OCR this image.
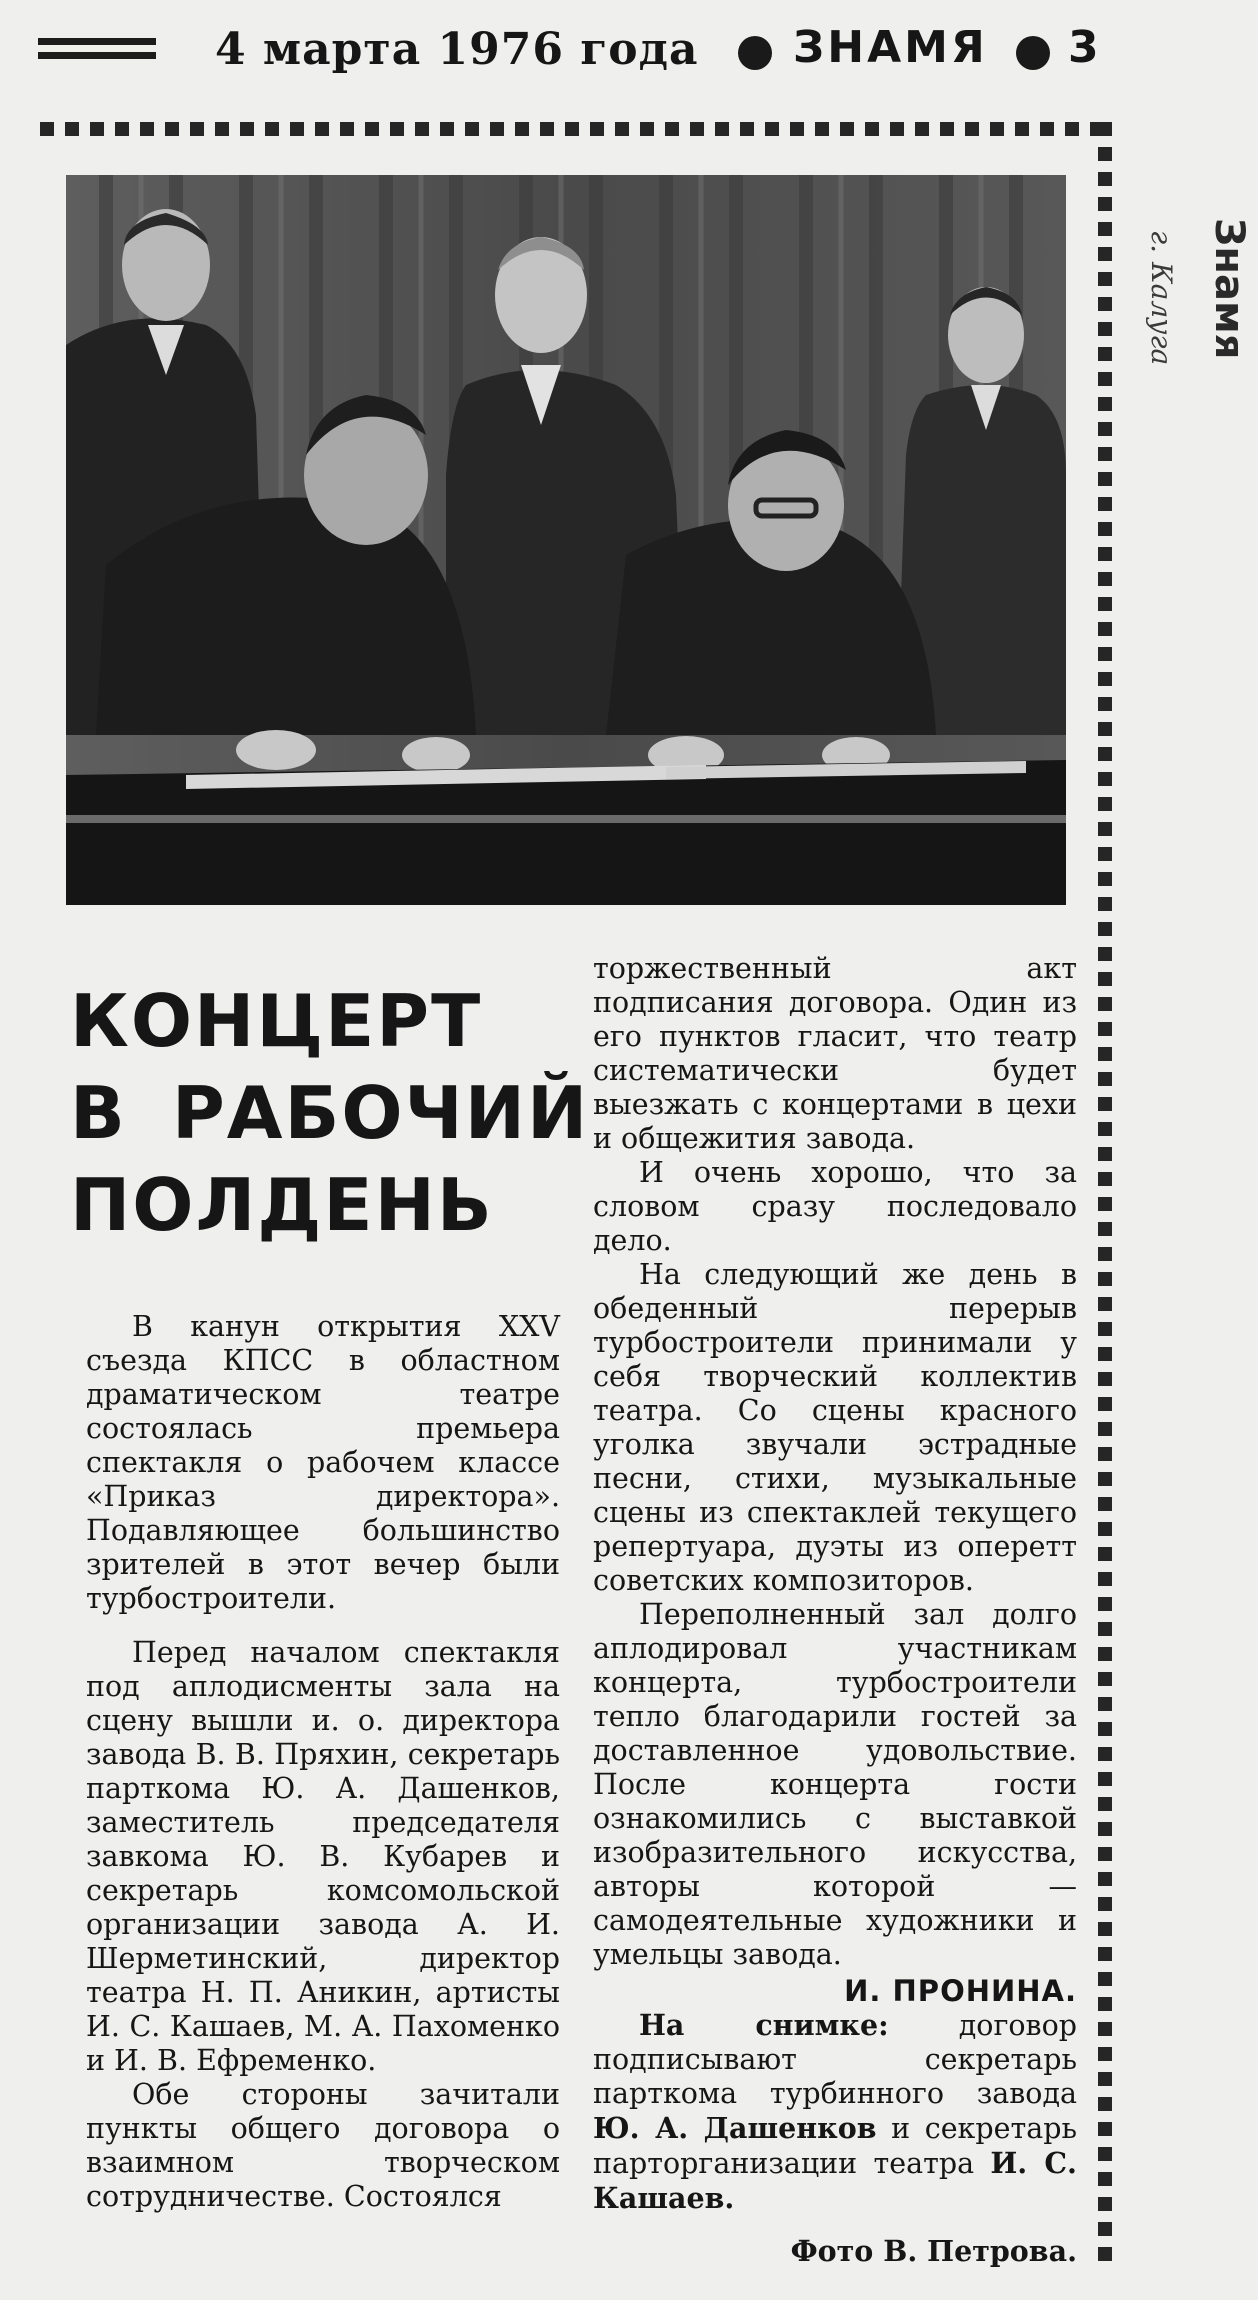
4 марта 1976 года ЗНАМЯ 3
КОНЦЕРТ
В РАБОЧИЙ
ПОЛДЕНЬ

В канун открытия XXV съезда КПСС в областном драматическом театре состоялась премьера спектакля о рабочем классе «Приказ директора». Подавляющее большинство зрителей в этот вечер были турбостроители.

Перед началом спектакля под аплодисменты зала на сцену вышли и. о. директора завода В. В. Пряхин, секретарь парткома Ю. А. Дашенков, заместитель председателя завкома Ю. В. Кубарев и секретарь комсомольской организации завода А. И. Шерметинский, директор театра Н. П. Аникин, артисты И. С. Кашаев, М. А. Пахоменко и И. В. Ефременко.

Обе стороны зачитали пункты общего договора о взаимном творческом сотрудничестве. Состоялся

торжественный акт подписания договора. Один из его пунктов гласит, что театр систематически будет выезжать с концертами в цехи и общежития завода.

И очень хорошо, что за словом сразу последовало дело.

На следующий же день в обеденный перерыв турбостроители принимали у себя творческий коллектив театра. Со сцены красного уголка звучали эстрадные песни, стихи, музыкальные сцены из спектаклей текущего репертуара, дуэты из оперетт советских композиторов.

Переполненный зал долго аплодировал участникам концерта, турбостроители тепло благодарили гостей за доставленное удовольствие. После концерта гости ознакомились с выставкой изобразительного искусства, авторы которой — самодеятельные художники и умельцы завода.

И. ПРОНИНА.

На снимке: договор подписывают секретарь парткома турбинного завода Ю. А. Дашенков и секретарь парторганизации театра И. С. Кашаев.

Фото В. Петрова.
Знамя
г. Калуга
